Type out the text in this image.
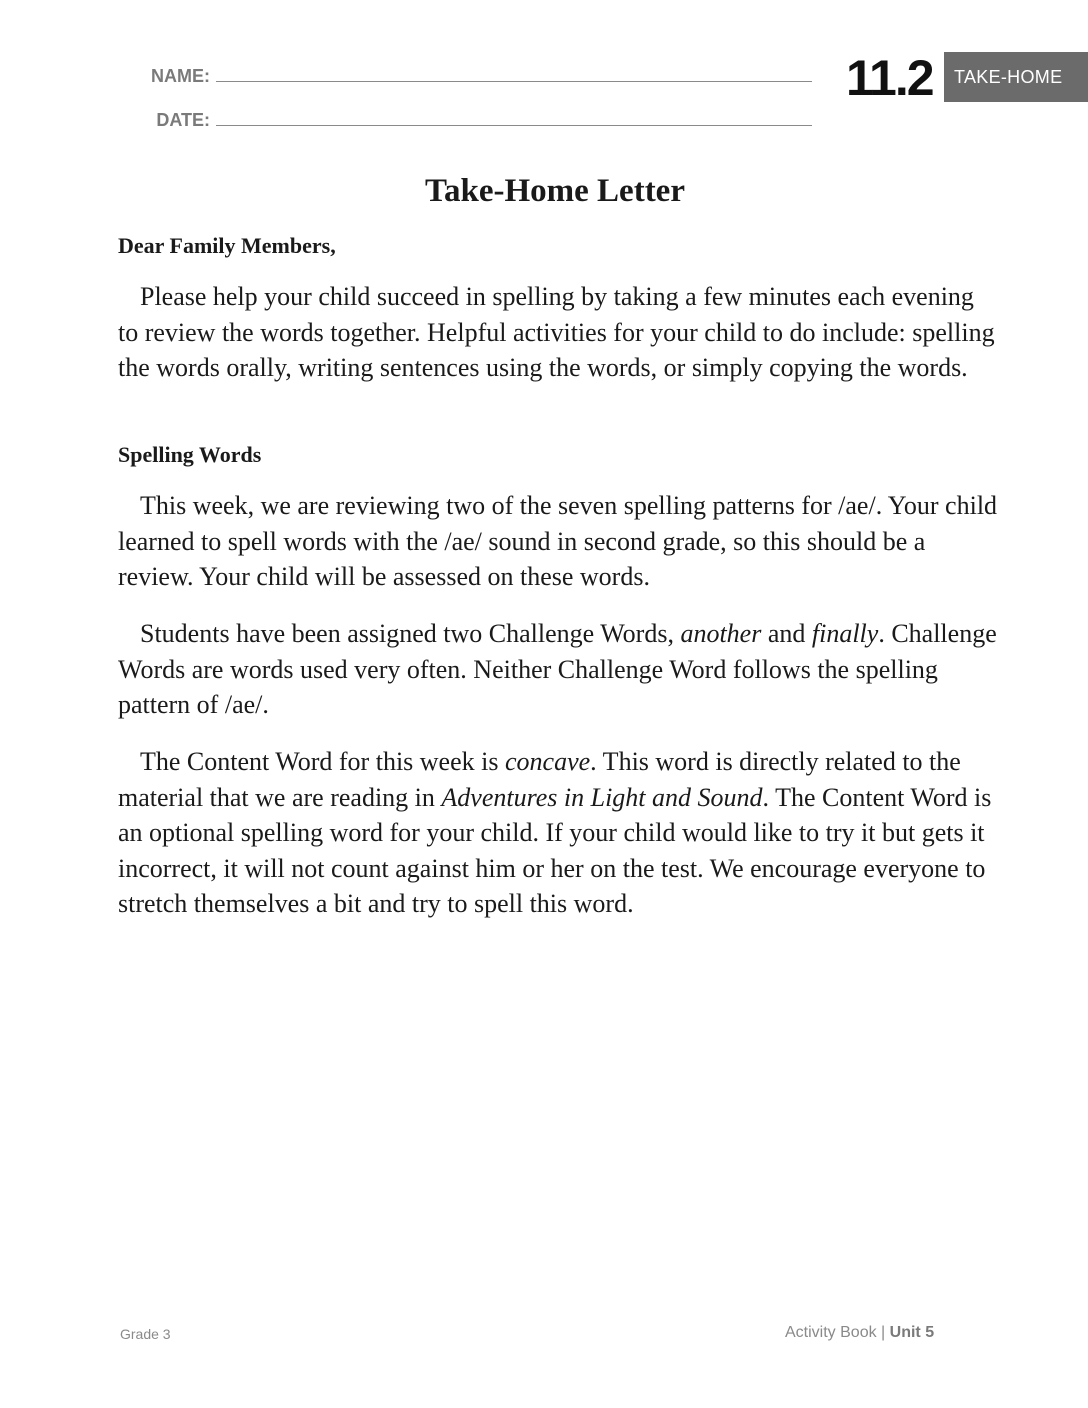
NAME:
DATE:
11.2	TAKE-HOME
Take-Home Letter
Dear Family Members,

Please help your child succeed in spelling by taking a few minutes each evening to review the words together. Helpful activities for your child to do include: spelling the words orally, writing sentences using the words, or simply copying the words.

Spelling Words

This week, we are reviewing two of the seven spelling patterns for /ae/. Your child learned to spell words with the /ae/ sound in second grade, so this should be a review. Your child will be assessed on these words.

Students have been assigned two Challenge Words, another and finally. Challenge Words are words used very often. Neither Challenge Word follows the spelling pattern of /ae/.

The Content Word for this week is concave. This word is directly related to the material that we are reading in Adventures in Light and Sound. The Content Word is an optional spelling word for your child. If your child would like to try it but gets it incorrect, it will not count against him or her on the test. We encourage everyone to stretch themselves a bit and try to spell this word.

Grade 3	Activity Book | Unit 5
